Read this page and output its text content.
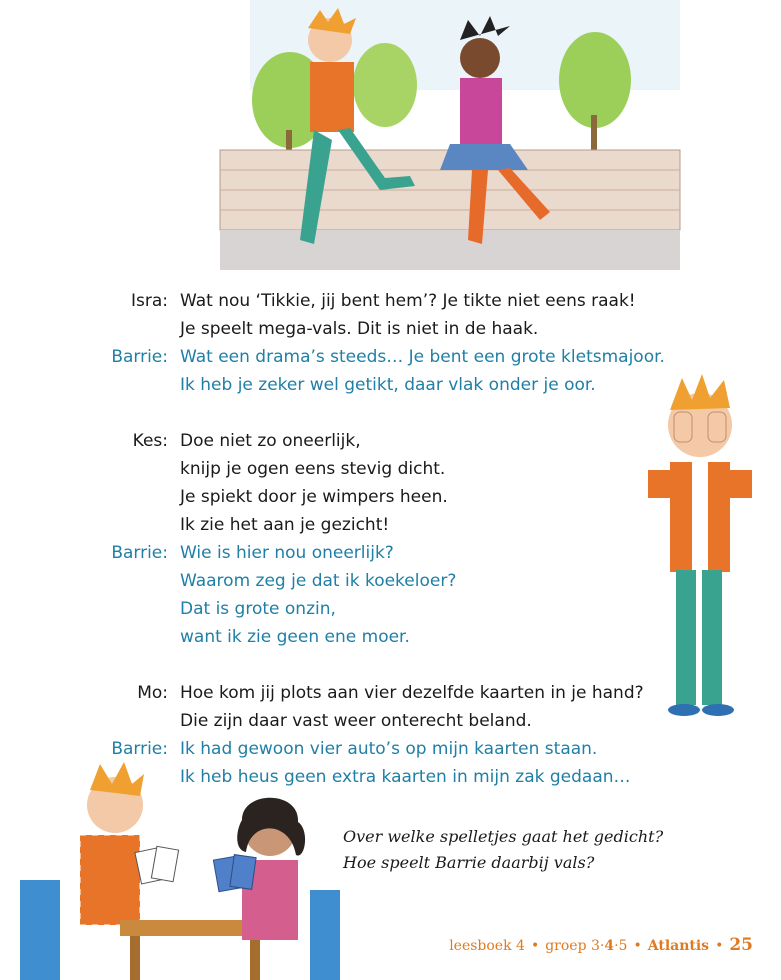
Isra: Wat nou ‘Tikkie, jij bent hem’? Je tikte niet eens raak!
Je speelt mega-vals. Dit is niet in de haak.
Barrie: Wat een drama’s steeds… Je bent een grote kletsmajoor.
Ik heb je zeker wel getikt, daar vlak onder je oor.
Kes: Doe niet zo oneerlijk,
knijp je ogen eens stevig dicht.
Je spiekt door je wimpers heen.
Ik zie het aan je gezicht!
Barrie: Wie is hier nou oneerlijk?
Waarom zeg je dat ik koekeloer?
Dat is grote onzin,
want ik zie geen ene moer.
Mo: Hoe kom jij plots aan vier dezelfde kaarten in je hand?
Die zijn daar vast weer onterecht beland.
Barrie: Ik had gewoon vier auto’s op mijn kaarten staan.
Ik heb heus geen extra kaarten in mijn zak gedaan…
Over welke spelletjes gaat het gedicht?
Hoe speelt Barrie daarbij vals?
leesboek 4 • groep 3·4·5 • Atlantis • 25
